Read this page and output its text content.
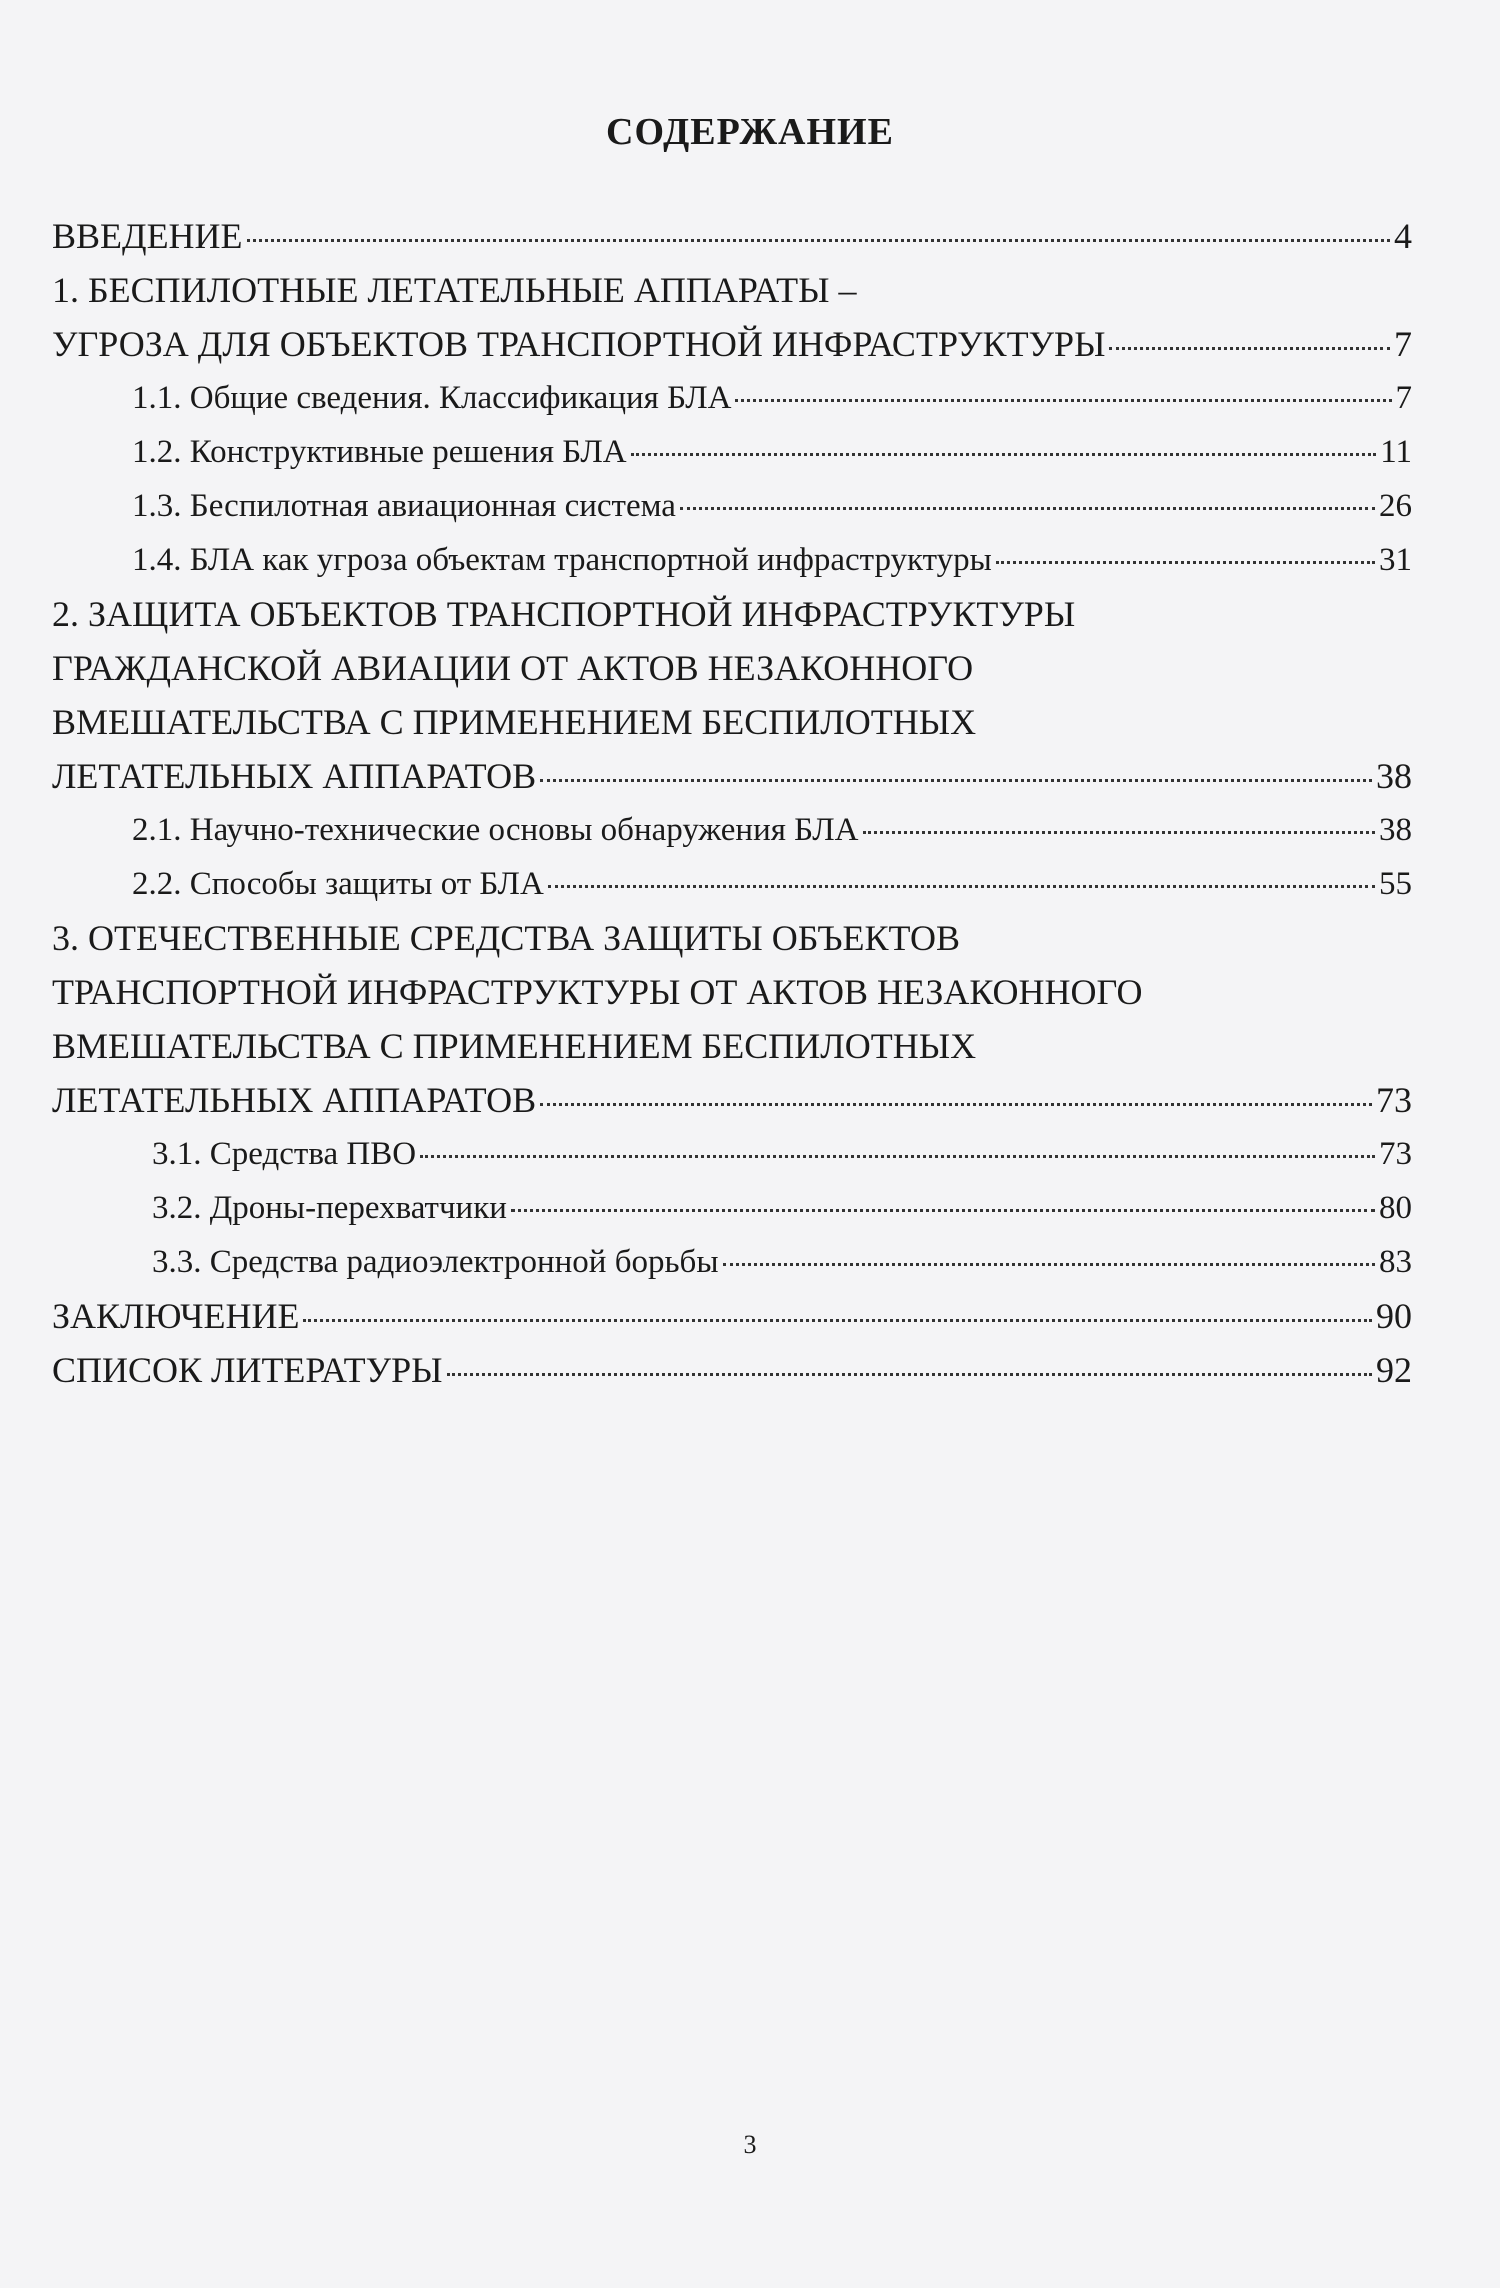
СОДЕРЖАНИЕ
ВВЕДЕНИЕ	4
1. БЕСПИЛОТНЫЕ ЛЕТАТЕЛЬНЫЕ АППАРАТЫ –
УГРОЗА ДЛЯ ОБЪЕКТОВ ТРАНСПОРТНОЙ ИНФРАСТРУКТУРЫ	7
1.1. Общие сведения. Классификация БЛА	7
1.2. Конструктивные решения БЛА	11
1.3. Беспилотная авиационная система	26
1.4. БЛА как угроза объектам транспортной инфраструктуры	31
2. ЗАЩИТА ОБЪЕКТОВ ТРАНСПОРТНОЙ ИНФРАСТРУКТУРЫ
ГРАЖДАНСКОЙ АВИАЦИИ ОТ АКТОВ НЕЗАКОННОГО
ВМЕШАТЕЛЬСТВА С ПРИМЕНЕНИЕМ БЕСПИЛОТНЫХ
ЛЕТАТЕЛЬНЫХ АППАРАТОВ	38
2.1. Научно-технические основы обнаружения БЛА	38
2.2. Способы защиты от БЛА	55
3. ОТЕЧЕСТВЕННЫЕ СРЕДСТВА ЗАЩИТЫ ОБЪЕКТОВ
ТРАНСПОРТНОЙ ИНФРАСТРУКТУРЫ ОТ АКТОВ НЕЗАКОННОГО
ВМЕШАТЕЛЬСТВА С ПРИМЕНЕНИЕМ БЕСПИЛОТНЫХ
ЛЕТАТЕЛЬНЫХ АППАРАТОВ	73
3.1. Средства ПВО	73
3.2. Дроны-перехватчики	80
3.3. Средства радиоэлектронной борьбы	83
ЗАКЛЮЧЕНИЕ	90
СПИСОК ЛИТЕРАТУРЫ	92
3
